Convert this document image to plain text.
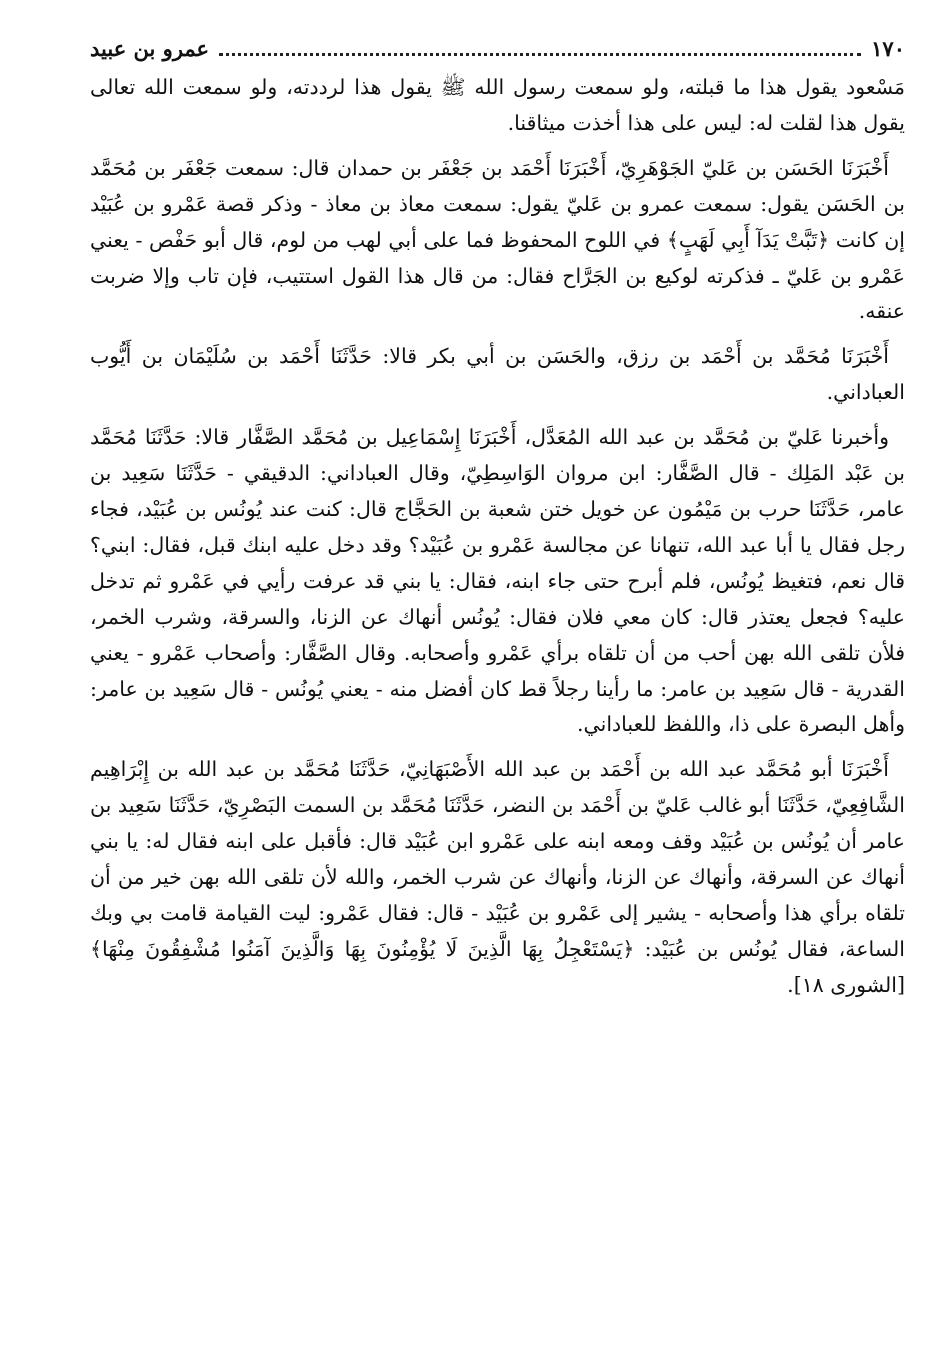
١٧٠
عمرو بن عبيد

مَسْعود يقول هذا ما قبلته، ولو سمعت رسول الله ﷺ يقول هذا لرددته، ولو سمعت الله تعالى يقول هذا لقلت له: ليس على هذا أخذت ميثاقنا.

أَخْبَرَنَا الحَسَن بن عَليّ الجَوْهَرِيّ، أَخْبَرَنَا أَحْمَد بن جَعْفَر بن حمدان قال: سمعت جَعْفَر بن مُحَمَّد بن الحَسَن يقول: سمعت عمرو بن عَليّ يقول: سمعت معاذ بن معاذ - وذكر قصة عَمْرو بن عُبَيْد إن كانت ﴿تَبَّتْ يَدَآ أَبِي لَهَبٍ﴾ في اللوح المحفوظ فما على أبي لهب من لوم، قال أبو حَفْص - يعني عَمْرو بن عَليّ ـ فذكرته لوكيع بن الجَرَّاح فقال: من قال هذا القول استتيب، فإن تاب وإلا ضربت عنقه.

أَخْبَرَنَا مُحَمَّد بن أَحْمَد بن رزق، والحَسَن بن أبي بكر قالا: حَدَّثَنَا أَحْمَد بن سُلَيْمَان بن أَيُّوب العباداني.

وأخبرنا عَليّ بن مُحَمَّد بن عبد الله المُعَدَّل، أَخْبَرَنَا إِسْمَاعِيل بن مُحَمَّد الصَّفَّار قالا: حَدَّثَنَا مُحَمَّد بن عَبْد المَلِك - قال الصَّفَّار: ابن مروان الوَاسِطِيّ، وقال العباداني: الدقيقي - حَدَّثَنَا سَعِيد بن عامر، حَدَّثَنَا حرب بن مَيْمُون عن خويل ختن شعبة بن الحَجَّاج قال: كنت عند يُونُس بن عُبَيْد، فجاء رجل فقال يا أبا عبد الله، تنهانا عن مجالسة عَمْرو بن عُبَيْد؟ وقد دخل عليه ابنك قبل، فقال: ابني؟ قال نعم، فتغيظ يُونُس، فلم أبرح حتى جاء ابنه، فقال: يا بني قد عرفت رأيي في عَمْرو ثم تدخل عليه؟ فجعل يعتذر قال: كان معي فلان فقال: يُونُس أنهاك عن الزنا، والسرقة، وشرب الخمر، فلأن تلقى الله بهن أحب من أن تلقاه برأي عَمْرو وأصحابه. وقال الصَّفَّار: وأصحاب عَمْرو - يعني القدرية - قال سَعِيد بن عامر: ما رأينا رجلاً قط كان أفضل منه - يعني يُونُس - قال سَعِيد بن عامر: وأهل البصرة على ذا، واللفظ للعباداني.

أَخْبَرَنَا أبو مُحَمَّد عبد الله بن أَحْمَد بن عبد الله الأَصْبَهَانِيّ، حَدَّثَنَا مُحَمَّد بن عبد الله بن إِبْرَاهِيم الشَّافِعِيّ، حَدَّثَنَا أبو غالب عَليّ بن أَحْمَد بن النضر، حَدَّثَنَا مُحَمَّد بن السمت البَصْرِيّ، حَدَّثَنَا سَعِيد بن عامر أن يُونُس بن عُبَيْد وقف ومعه ابنه على عَمْرو ابن عُبَيْد قال: فأقبل على ابنه فقال له: يا بني أنهاك عن السرقة، وأنهاك عن الزنا، وأنهاك عن شرب الخمر، والله لأن تلقى الله بهن خير من أن تلقاه برأي هذا وأصحابه - يشير إلى عَمْرو بن عُبَيْد - قال: فقال عَمْرو: ليت القيامة قامت بي وبك الساعة، فقال يُونُس بن عُبَيْد: ﴿يَسْتَعْجِلُ بِهَا الَّذِينَ لَا يُؤْمِنُونَ بِهَا وَالَّذِينَ آمَنُوا مُشْفِقُونَ مِنْهَا﴾ [الشورى ١٨].
